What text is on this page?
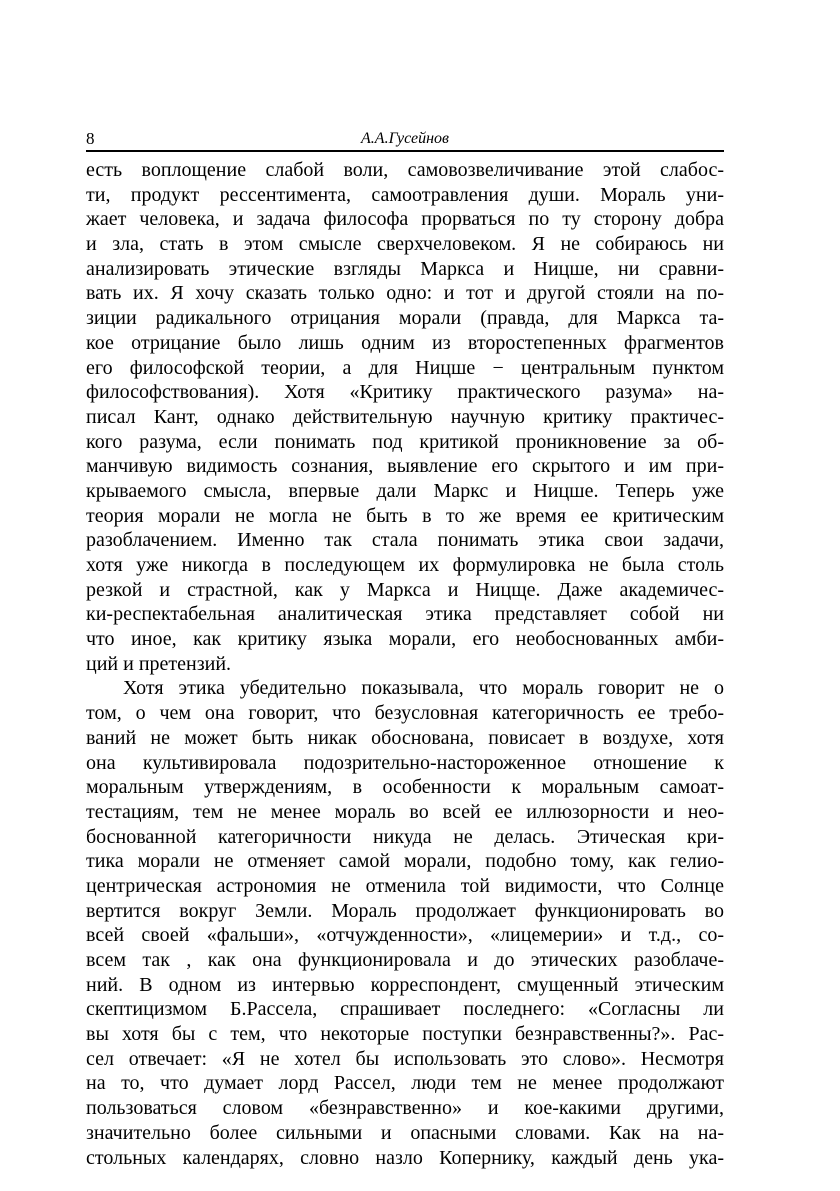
8	А.А.Гусейнов
есть воплощение слабой воли, самовозвеличивание этой слабос-
ти, продукт рессентимента, самоотравления души. Мораль уни-
жает человека, и задача философа прорваться по ту сторону добра
и зла, стать в этом смысле сверхчеловеком. Я не собираюсь ни
анализировать этические взгляды Маркса и Ницше, ни сравни-
вать их. Я хочу сказать только одно: и тот и другой стояли на по-
зиции радикального отрицания морали (правда, для Маркса та-
кое отрицание было лишь одним из второстепенных фрагментов
его философской теории, а для Ницше − центральным пунктом
философствования). Хотя «Критику практического разума» на-
писал Кант, однако действительную научную критику практичес-
кого разума, если понимать под критикой проникновение за об-
манчивую видимость сознания, выявление его скрытого и им при-
крываемого смысла, впервые дали Маркс и Ницше. Теперь уже
теория морали не могла не быть в то же время ее критическим
разоблачением. Именно так стала понимать этика свои задачи,
хотя уже никогда в последующем их формулировка не была столь
резкой и страстной, как у Маркса и Ницще. Даже академичес-
ки-респектабельная аналитическая этика представляет собой ни
что иное, как критику языка морали, его необоснованных амби-
ций и претензий.
Хотя этика убедительно показывала, что мораль говорит не о
том, о чем она говорит, что безусловная категоричность ее требо-
ваний не может быть никак обоснована, повисает в воздухе, хотя
она культивировала подозрительно-настороженное отношение к
моральным утверждениям, в особенности к моральным самоат-
тестациям, тем не менее мораль во всей ее иллюзорности и нео-
боснованной категоричности никуда не делась. Этическая кри-
тика морали не отменяет самой морали, подобно тому, как гелио-
центрическая астрономия не отменила той видимости, что Солнце
вертится вокруг Земли. Мораль продолжает функционировать во
всей своей «фальши», «отчужденности», «лицемерии» и т.д., со-
всем так , как она функционировала и до этических разоблаче-
ний. В одном из интервью корреспондент, смущенный этическим
скептицизмом Б.Рассела, спрашивает последнего: «Согласны ли
вы хотя бы с тем, что некоторые поступки безнравственны?». Рас-
сел отвечает: «Я не хотел бы использовать это слово». Несмотря
на то, что думает лорд Рассел, люди тем не менее продолжают
пользоваться словом «безнравственно» и кое-какими другими,
значительно более сильными и опасными словами. Как на на-
стольных календарях, словно назло Копернику, каждый день ука-
